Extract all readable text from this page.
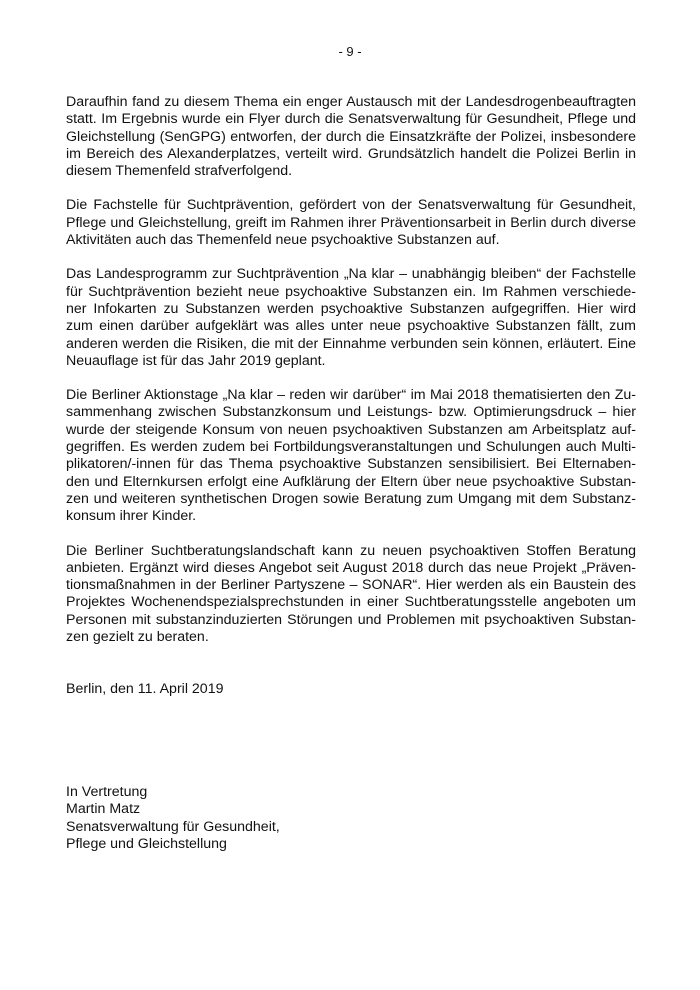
- 9 -

Daraufhin fand zu diesem Thema ein enger Austausch mit der Landesdrogenbeauftragten statt. Im Ergebnis wurde ein Flyer durch die Senatsverwaltung für Gesundheit, Pflege und Gleichstellung (SenGPG) entworfen, der durch die Einsatzkräfte der Polizei, insbesondere im Bereich des Alexanderplatzes, verteilt wird. Grundsätzlich handelt die Polizei Berlin in diesem Themenfeld strafverfolgend.

Die Fachstelle für Suchtprävention, gefördert von der Senatsverwaltung für Gesundheit, Pflege und Gleichstellung, greift im Rahmen ihrer Präventionsarbeit in Berlin durch diverse Aktivitäten auch das Themenfeld neue psychoaktive Substanzen auf.

Das Landesprogramm zur Suchtprävention „Na klar – unabhängig bleiben“ der Fachstelle für Suchtprävention bezieht neue psychoaktive Substanzen ein. Im Rahmen verschiedener Infokarten zu Substanzen werden psychoaktive Substanzen aufgegriffen. Hier wird zum einen darüber aufgeklärt was alles unter neue psychoaktive Substanzen fällt, zum anderen werden die Risiken, die mit der Einnahme verbunden sein können, erläutert. Eine Neuauflage ist für das Jahr 2019 geplant.

Die Berliner Aktionstage „Na klar – reden wir darüber“ im Mai 2018 thematisierten den Zusammenhang zwischen Substanzkonsum und Leistungs- bzw. Optimierungsdruck – hier wurde der steigende Konsum von neuen psychoaktiven Substanzen am Arbeitsplatz aufgegriffen. Es werden zudem bei Fortbildungsveranstaltungen und Schulungen auch Multiplikatoren/-innen für das Thema psychoaktive Substanzen sensibilisiert. Bei Elternabenden und Elternkursen erfolgt eine Aufklärung der Eltern über neue psychoaktive Substanzen und weiteren synthetischen Drogen sowie Beratung zum Umgang mit dem Substanzkonsum ihrer Kinder.

Die Berliner Suchtberatungslandschaft kann zu neuen psychoaktiven Stoffen Beratung anbieten. Ergänzt wird dieses Angebot seit August 2018 durch das neue Projekt „Präventionsmaßnahmen in der Berliner Partyszene – SONAR“. Hier werden als ein Baustein des Projektes Wochenendspezialsprechstunden in einer Suchtberatungsstelle angeboten um Personen mit substanzinduzierten Störungen und Problemen mit psychoaktiven Substanzen gezielt zu beraten.

Berlin, den 11. April 2019
In Vertretung
Martin Matz
Senatsverwaltung für Gesundheit,
Pflege und Gleichstellung
